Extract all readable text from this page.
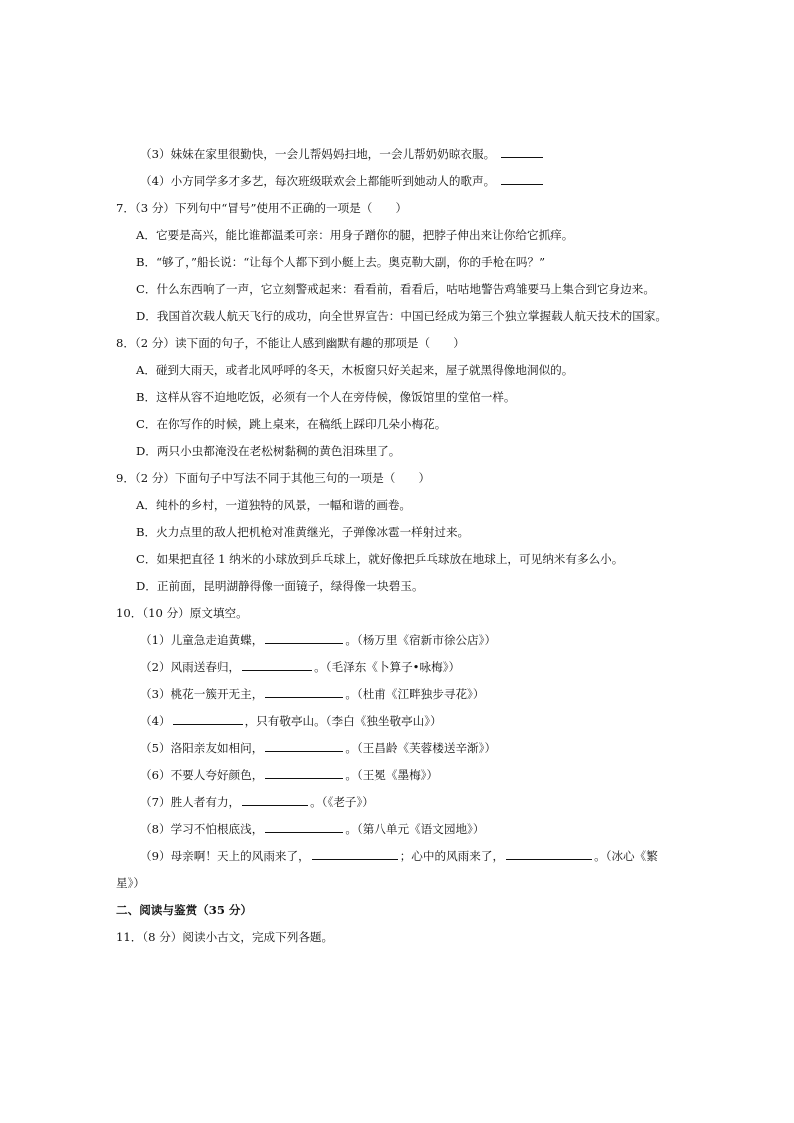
（3）妹妹在家里很勤快，一会儿帮妈妈扫地，一会儿帮奶奶晾衣服。
（4）小方同学多才多艺，每次班级联欢会上都能听到她动人的歌声。
7．（3 分）下列句中“冒号”使用不正确的一项是（　　）
A．它要是高兴，能比谁都温柔可亲：用身子蹭你的腿，把脖子伸出来让你给它抓痒。
B．“够了，”船长说：“让每个人都下到小艇上去。奥克勒大副，你的手枪在吗？”
C．什么东西响了一声，它立刻警戒起来：看看前，看看后，咕咕地警告鸡雏要马上集合到它身边来。
D．我国首次载人航天飞行的成功，向全世界宣告：中国已经成为第三个独立掌握载人航天技术的国家。
8．（2 分）读下面的句子，不能让人感到幽默有趣的那项是（　　）
A．碰到大雨天，或者北风呼呼的冬天，木板窗只好关起来，屋子就黑得像地洞似的。
B．这样从容不迫地吃饭，必须有一个人在旁侍候，像饭馆里的堂倌一样。
C．在你写作的时候，跳上桌来，在稿纸上踩印几朵小梅花。
D．两只小虫都淹没在老松树黏稠的黄色泪珠里了。
9．（2 分）下面句子中写法不同于其他三句的一项是（　　）
A．纯朴的乡村，一道独特的风景，一幅和谐的画卷。
B．火力点里的敌人把机枪对准黄继光，子弹像冰雹一样射过来。
C．如果把直径 1 纳米的小球放到乒乓球上，就好像把乒乓球放在地球上，可见纳米有多么小。
D．正前面，昆明湖静得像一面镜子，绿得像一块碧玉。
10．（10 分）原文填空。
（1）儿童急走追黄蝶，	。（杨万里《宿新市徐公店》）
（2）风雨送春归，	。（毛泽东《卜算子•咏梅》）
（3）桃花一簇开无主，	。（杜甫《江畔独步寻花》）
（4）	，只有敬亭山。（李白《独坐敬亭山》）
（5）洛阳亲友如相问，	。（王昌龄《芙蓉楼送辛渐》）
（6）不要人夸好颜色，	。（王冕《墨梅》）
（7）胜人者有力，	。（《老子》）
（8）学习不怕根底浅，	。（第八单元《语文园地》）
（9）母亲啊！天上的风雨来了，	；心中的风雨来了，	。（冰心《繁
星》）
二、阅读与鉴赏（35 分）
11．（8 分）阅读小古文，完成下列各题。
